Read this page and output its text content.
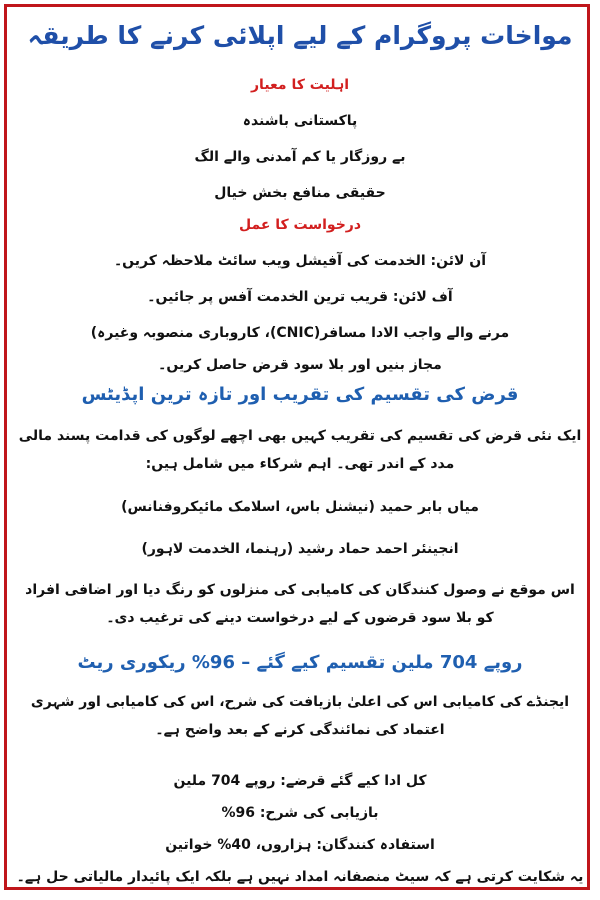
مواخات پروگرام کے لیے اپلائی کرنے کا طریقہ
اہلیت کا معیار
پاکستانی باشندہ
بے روزگار یا کم آمدنی والے الگ
حقیقی منافع بخش خیال
درخواست کا عمل
آن لائن: الخدمت کی آفیشل ویب سائٹ ملاحظہ کریں۔
آف لائن: قریب ترین الخدمت آفس پر جائیں۔
مرنے والے واجب الادا مسافر(CNIC)، کاروباری منصوبہ وغیرہ)
مجاز بنیں اور بلا سود قرض حاصل کریں۔
قرض کی تقسیم کی تقریب اور تازہ ترین اپڈیٹس
ایک نئی قرض کی تقسیم کی تقریب کہیں بھی اچھے لوگوں کی قدامت پسند مالی مدد کے اندر تھی۔ اہم شرکاء میں شامل ہیں:
میاں بابر حمید (نیشنل باس، اسلامک مائیکروفنانس)
انجینئر احمد حماد رشید (رہنما، الخدمت لاہور)
اس موقع نے وصول کنندگان کی کامیابی کی منزلوں کو رنگ دیا اور اضافی افراد کو بلا سود قرضوں کے لیے درخواست دینے کی ترغیب دی۔
روپے 704 ملین تقسیم کیے گئے – 96% ریکوری ریٹ
ایجنڈے کی کامیابی اس کی اعلیٰ بازیافت کی شرح، اس کی کامیابی اور شہری اعتماد کی نمائندگی کرنے کے بعد واضح ہے۔
کل ادا کیے گئے قرضے: روپے 704 ملین
بازیابی کی شرح: 96%
استفادہ کنندگان: ہزاروں، 40% خواتین
یہ شکایت کرتی ہے کہ سیٹ منصفانہ امداد نہیں ہے بلکہ ایک پائیدار مالیاتی حل ہے۔
